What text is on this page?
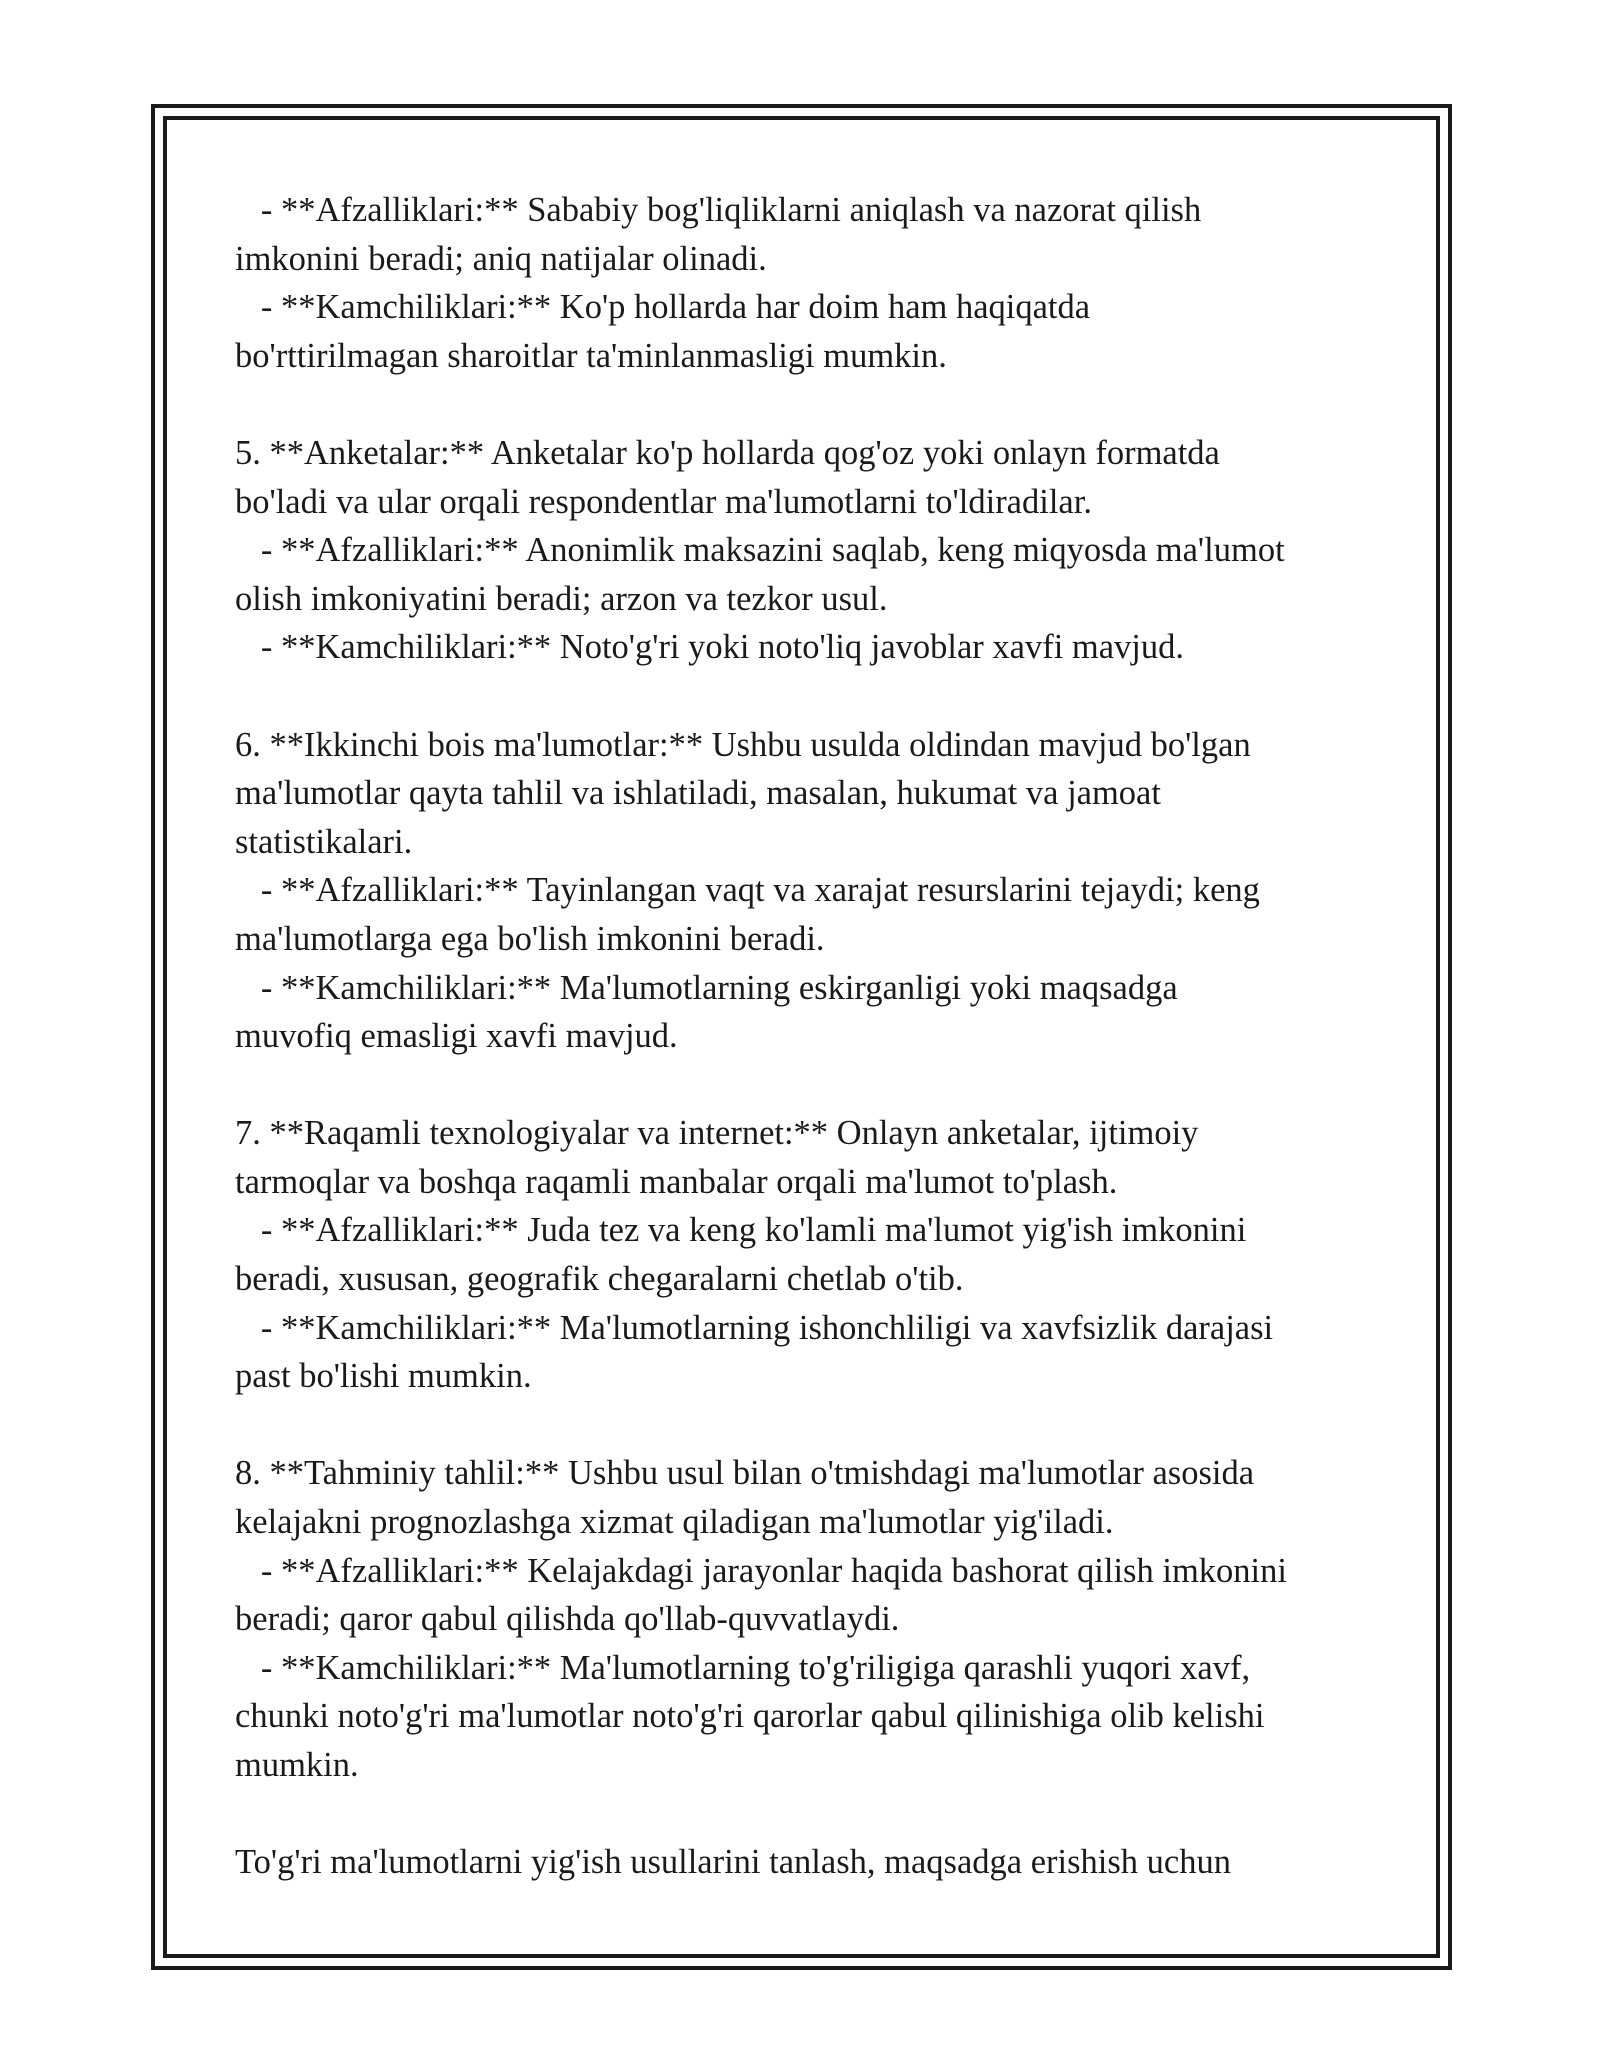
- **Afzalliklari:** Sababiy bog'liqliklarni aniqlash va nazorat qilish
imkonini beradi; aniq natijalar olinadi.
- **Kamchiliklari:** Ko'p hollarda har doim ham haqiqatda
bo'rttirilmagan sharoitlar ta'minlanmasligi mumkin.
5. **Anketalar:** Anketalar ko'p hollarda qog'oz yoki onlayn formatda
bo'ladi va ular orqali respondentlar ma'lumotlarni to'ldiradilar.
- **Afzalliklari:** Anonimlik maksazini saqlab, keng miqyosda ma'lumot
olish imkoniyatini beradi; arzon va tezkor usul.
- **Kamchiliklari:** Noto'g'ri yoki noto'liq javoblar xavfi mavjud.
6. **Ikkinchi bois ma'lumotlar:** Ushbu usulda oldindan mavjud bo'lgan
ma'lumotlar qayta tahlil va ishlatiladi, masalan, hukumat va jamoat
statistikalari.
- **Afzalliklari:** Tayinlangan vaqt va xarajat resurslarini tejaydi; keng
ma'lumotlarga ega bo'lish imkonini beradi.
- **Kamchiliklari:** Ma'lumotlarning eskirganligi yoki maqsadga
muvofiq emasligi xavfi mavjud.
7. **Raqamli texnologiyalar va internet:** Onlayn anketalar, ijtimoiy
tarmoqlar va boshqa raqamli manbalar orqali ma'lumot to'plash.
- **Afzalliklari:** Juda tez va keng ko'lamli ma'lumot yig'ish imkonini
beradi, xususan, geografik chegaralarni chetlab o'tib.
- **Kamchiliklari:** Ma'lumotlarning ishonchliligi va xavfsizlik darajasi
past bo'lishi mumkin.
8. **Tahminiy tahlil:** Ushbu usul bilan o'tmishdagi ma'lumotlar asosida
kelajakni prognozlashga xizmat qiladigan ma'lumotlar yig'iladi.
- **Afzalliklari:** Kelajakdagi jarayonlar haqida bashorat qilish imkonini
beradi; qaror qabul qilishda qo'llab-quvvatlaydi.
- **Kamchiliklari:** Ma'lumotlarning to'g'riligiga qarashli yuqori xavf,
chunki noto'g'ri ma'lumotlar noto'g'ri qarorlar qabul qilinishiga olib kelishi
mumkin.
To'g'ri ma'lumotlarni yig'ish usullarini tanlash, maqsadga erishish uchun
